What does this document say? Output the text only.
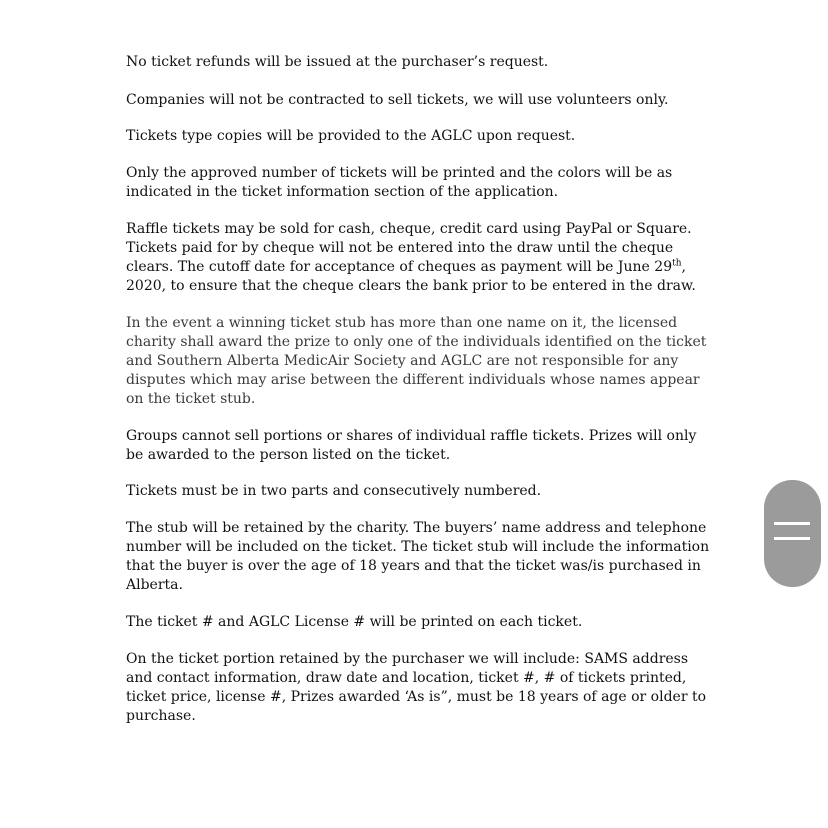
No ticket refunds will be issued at the purchaser’s request.

Companies will not be contracted to sell tickets, we will use volunteers only.

Tickets type copies will be provided to the AGLC upon request.

Only the approved number of tickets will be printed and the colors will be as indicated in the ticket information section of the application.

Raffle tickets may be sold for cash, cheque, credit card using PayPal or Square. Tickets paid for by cheque will not be entered into the draw until the cheque clears. The cutoff date for acceptance of cheques as payment will be June 29th, 2020, to ensure that the cheque clears the bank prior to be entered in the draw.

In the event a winning ticket stub has more than one name on it, the licensed charity shall award the prize to only one of the individuals identified on the ticket and Southern Alberta MedicAir Society and AGLC are not responsible for any disputes which may arise between the different individuals whose names appear on the ticket stub.

Groups cannot sell portions or shares of individual raffle tickets. Prizes will only be awarded to the person listed on the ticket.

Tickets must be in two parts and consecutively numbered.

The stub will be retained by the charity. The buyers’ name address and telephone number will be included on the ticket. The ticket stub will include the information that the buyer is over the age of 18 years and that the ticket was/is purchased in Alberta.

The ticket # and AGLC License # will be printed on each ticket.

On the ticket portion retained by the purchaser we will include: SAMS address and contact information, draw date and location, ticket #, # of tickets printed, ticket price, license #, Prizes awarded ‘As is”, must be 18 years of age or older to purchase.
